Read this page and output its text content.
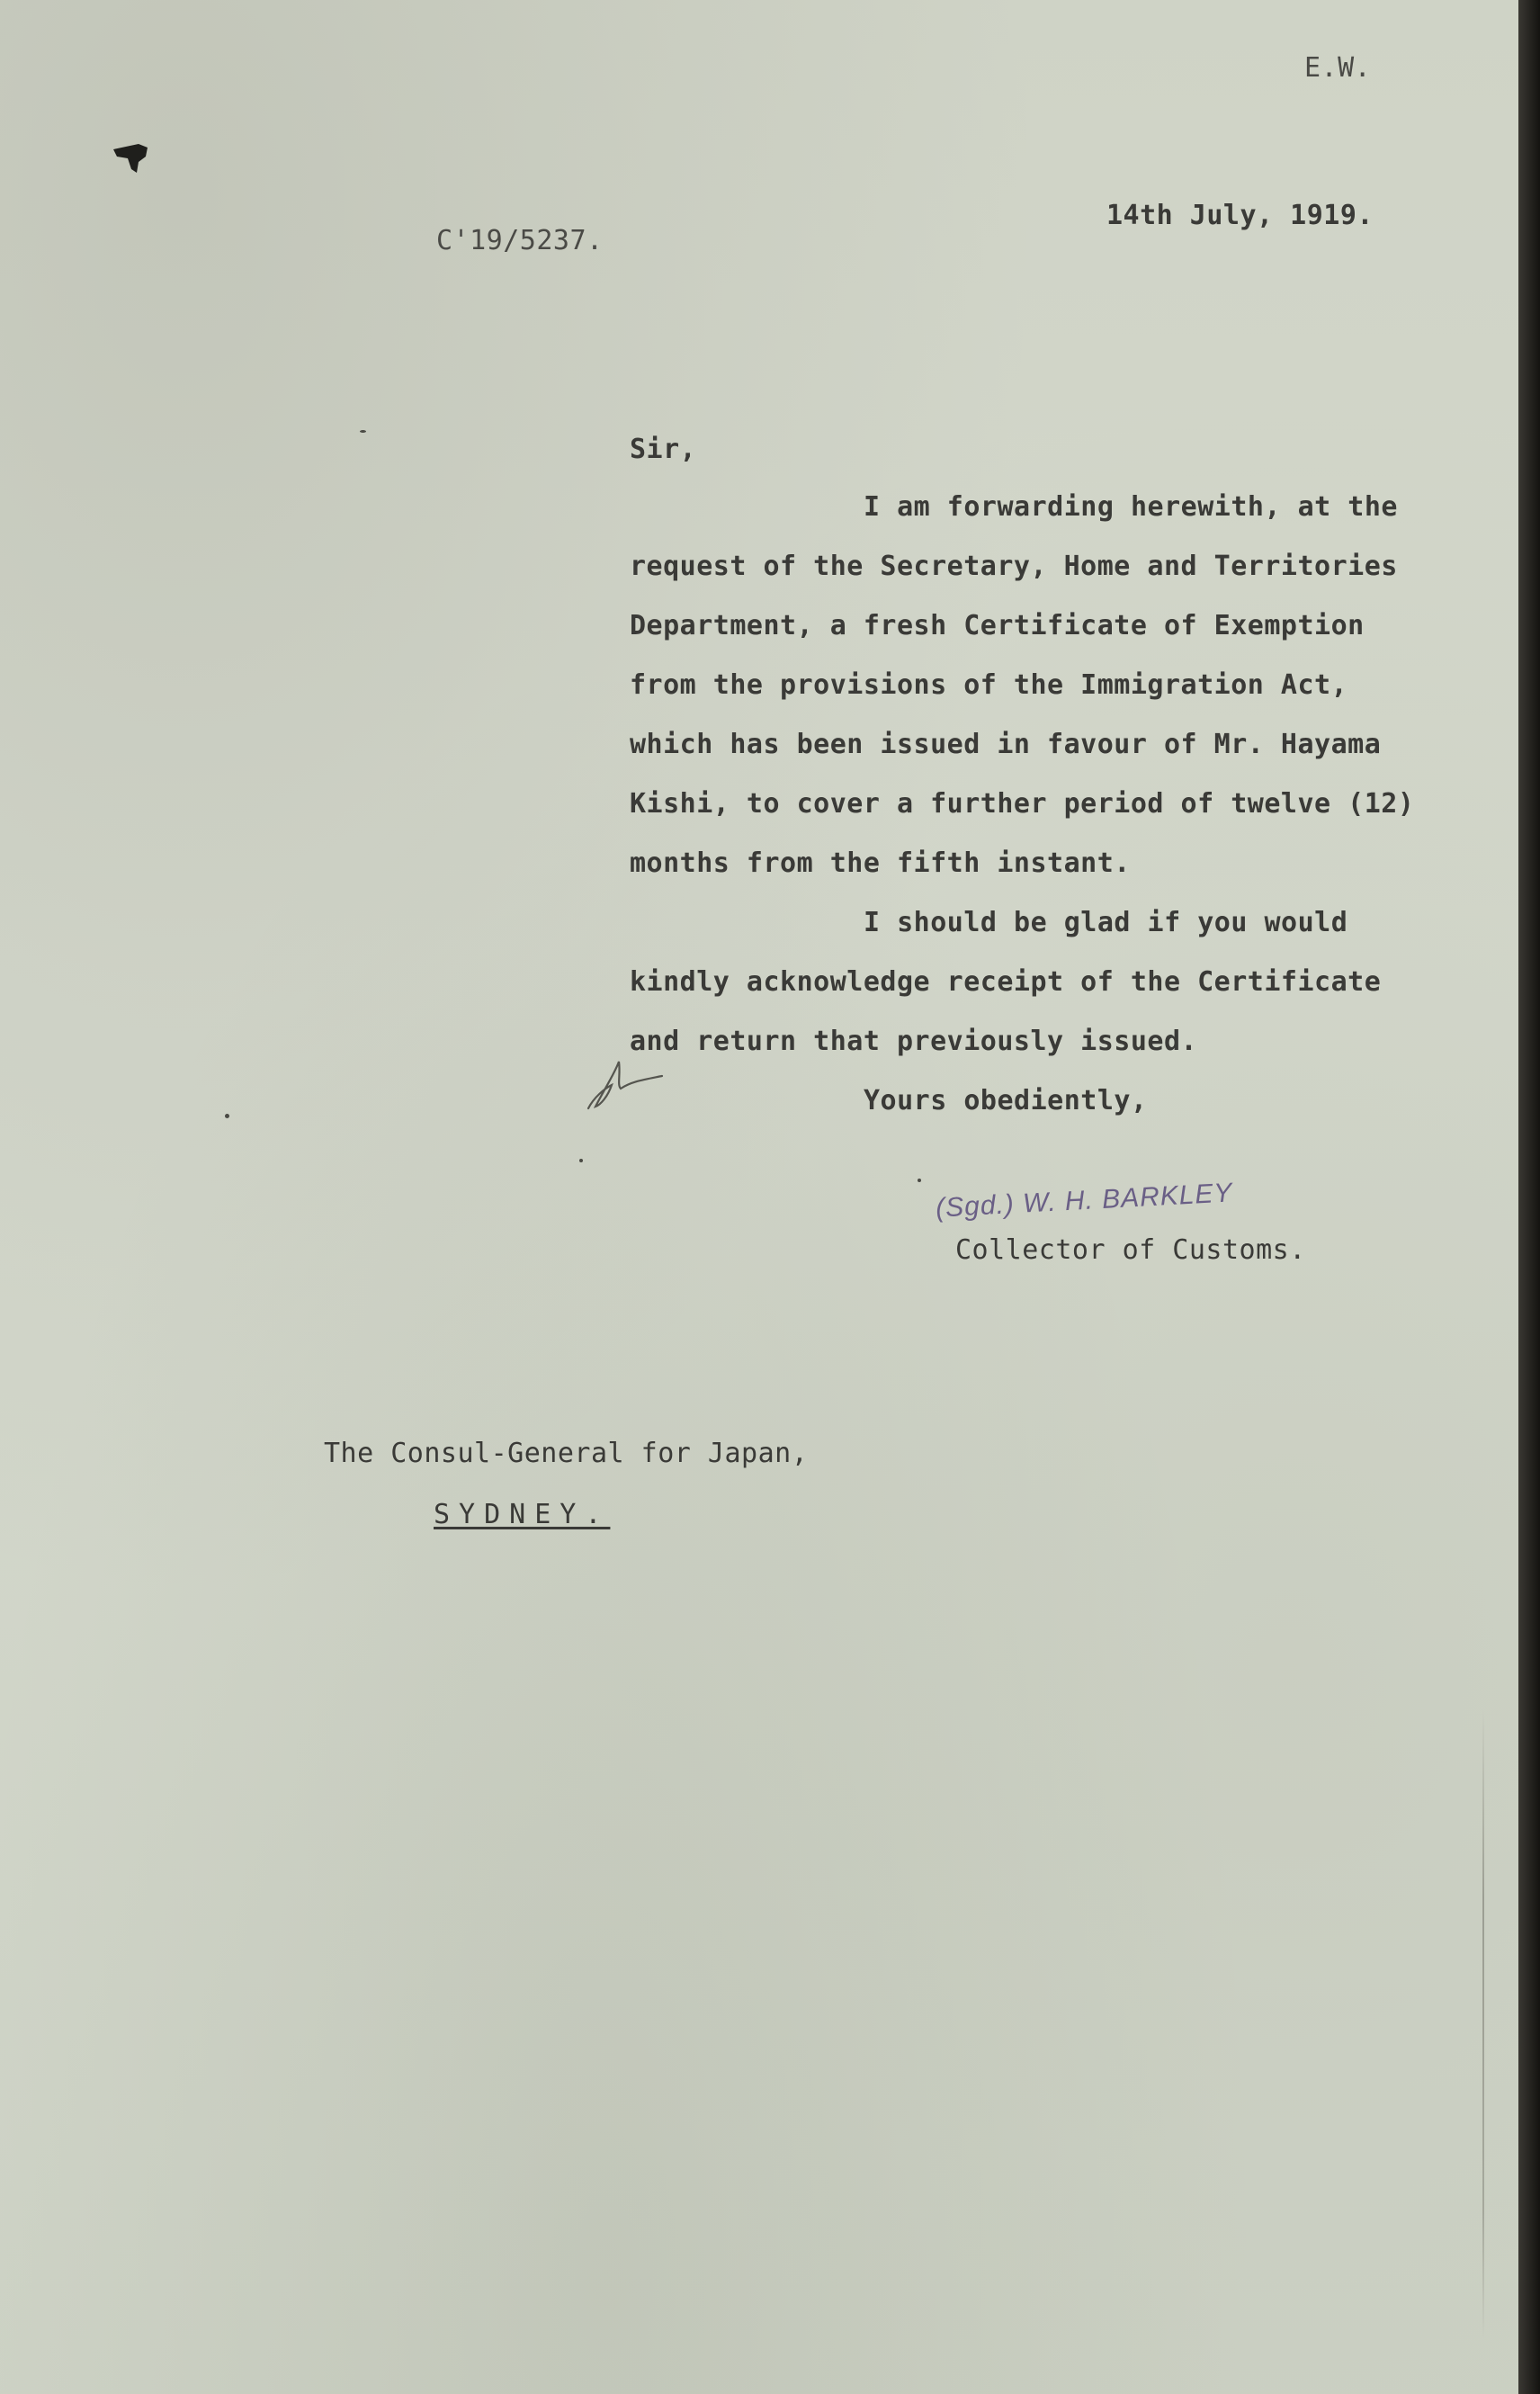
E.W.
14th July, 1919.
C'19/5237.
Sir,
I am forwarding herewith, at the
request of the Secretary, Home and Territories
Department, a fresh Certificate of Exemption
from the provisions of the Immigration Act,
which has been issued in favour of Mr. Hayama
Kishi, to cover a further period of twelve (12)
months from the fifth instant.
I should be glad if you would
kindly acknowledge receipt of the Certificate
and return that previously issued.
Yours obediently,
(Sgd.) W. H. BARKLEY
Collector of Customs.
The Consul-General for Japan,
SYDNEY.
